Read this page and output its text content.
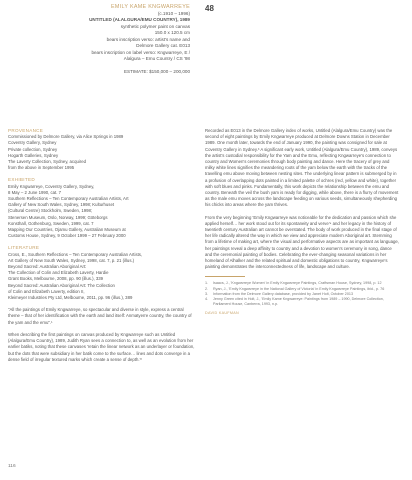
48
EMILY KAME KNGWARREYE
(c.1910 – 1996)
UNTITLED (ALALGURA/EMU COUNTRY), 1989
synthetic polymer paint on canvas
150.0 x 120.5 cm
bears inscription verso: artist's name and
Delmore Gallery cat. E013
bears inscription on label verso: Kngwarreye, E /
Alalgura – Emu Country / CS '98
ESTIMATE: $150,000 – 200,000
PROVENANCE
Commissioned by Delmore Gallery, via Alice Springs in 1989
Coventry Gallery, Sydney
Private collection, Sydney
Hogarth Galleries, Sydney
The Laverty Collection, Sydney, acquired
from the above in September 1995
EXHIBITED
Emily Kngwarreye, Coventry Gallery, Sydney,
8 May – 2 June 1990, cat. 7
Southern Reflections – Ten Contemporary Australian Artists, Art
Gallery of New South Wales, Sydney, 1998; Kulturhuset
(Cultural Centre) Stockholm, Sweden, 1998;
Stenersen Museum, Oslo, Norway, 1999; Göteborgs
Konsthall, Gothenburg, Sweden, 1999, cat. 7
Mapping Our Countries, Ojamu Gallery, Australian Museum at
Customs House, Sydney, 9 October 1999 – 27 February 2000
LITERATURE
Cross, E., Southern Reflections – Ten Contemporary Australian Artists,
Art Gallery of New South Wales, Sydney, 1998, cat. 7, p. 21 (illus.)
Beyond Sacred: Australian Aboriginal Art:
The Collection of Colin and Elizabeth Laverty, Hardie
Grant Books, Melbourne, 2008, pp. 90 (illus.), 339
Beyond Sacred: Australian Aboriginal Art: The Collection
of Colin and Elizabeth Laverty, edition II,
Kleimeyer Industries Pty Ltd, Melbourne, 2011, pp. 96 (illus.), 389

"All the paintings of Emily Kngwarreye, so spectacular and diverse in style, express a central theme – that of her identification with the earth and land itself: Anmatyerre country, the country of the yam and the emu".¹

When describing the first paintings on canvas produced by Kngwarreye such as Untitled (Alalgura/Emu Country), 1989, Judith Ryan sees a connection to, as well as an evolution from her earlier batiks, noting that these canvases 'retain the linear network as an underlayer or foundation, but the dots that were subsidiary in her batik come to the surface… lines and dots converge in a dense field of irregular textured marks which create a sense of depth.'²

Recorded as E013 in the Delmore Gallery index of works, Untitled (Alalgura/Emu Country) was the second of eight paintings by Emily Kngwarreye produced at Delmore Downs Station in December 1989. One month later, towards the end of January 1990, the painting was consigned for sale at Coventry Gallery in Sydney.³ A significant early work, Untitled (Alalgura/Emu Country), 1989, conveys the artist's custodial responsibility for the Yam and the Emu, reflecting Kngwarreye's connection to country and Women's ceremonies through body painting and dance. Here the tracery of grey and milky white lines signifies the meandering roots of the yam below the earth with the tracks of the travelling emu above moving between nesting sites. The underlying linear pattern is submerged by in a profusion of overlapping dots painted in a limited palette of ochres (red, yellow and white), together with soft blues and pinks. Fundamentally, this work depicts the relationship between the emu and country. Beneath the veil the bush yam is ready for digging, while above, there is a flurry of movement as the male emu moves across the landscape feeding on various seeds, simultaneously shepherding his chicks into areas where the yam thrives.

From the very beginning 'Emily Kngwarreye was noticeable for the dedication and passion which she applied herself… her work stood out for its spontaneity and verve'⁴ and her legacy in the history of twentieth century Australian art cannot be overstated. The body of work produced in the final stage of her life radically altered the way in which we view and appreciate modern Aboriginal art. Stemming from a lifetime of making art, where the visual and performative aspects are as important as language, her paintings reveal a deep affinity to country and a devotion to women's ceremony in song, dance and the ceremonial painting of bodies. Celebrating the ever-changing seasonal variations in her homeland of Alhalker and the related spiritual and domestic obligations to country, Kngwarreye's painting demonstrates the interconnectedness of life, landscape and culture.

1.	Isaacs, J., 'Kngwarreye Women' in Emily Kngwarreye Paintings, Craftsman House, Sydney, 1998, p. 12
2.	Ryan, J., 'Emily Kngwarreye in the National Gallery of Victoria' in Emily Kngwarreye Paintings, ibid., p. 76
3.	Information from the Delmore Gallery database, provided by Janet Holt, October 2013
4.	Jenny Green cited in Holt, J., 'Emily Kame Kngwarreye: Paintings from 1989 – 1990, Delmore Collection, Parliament House, Canberra, 1993, n.p.
DAVID KAUFMAN
116
